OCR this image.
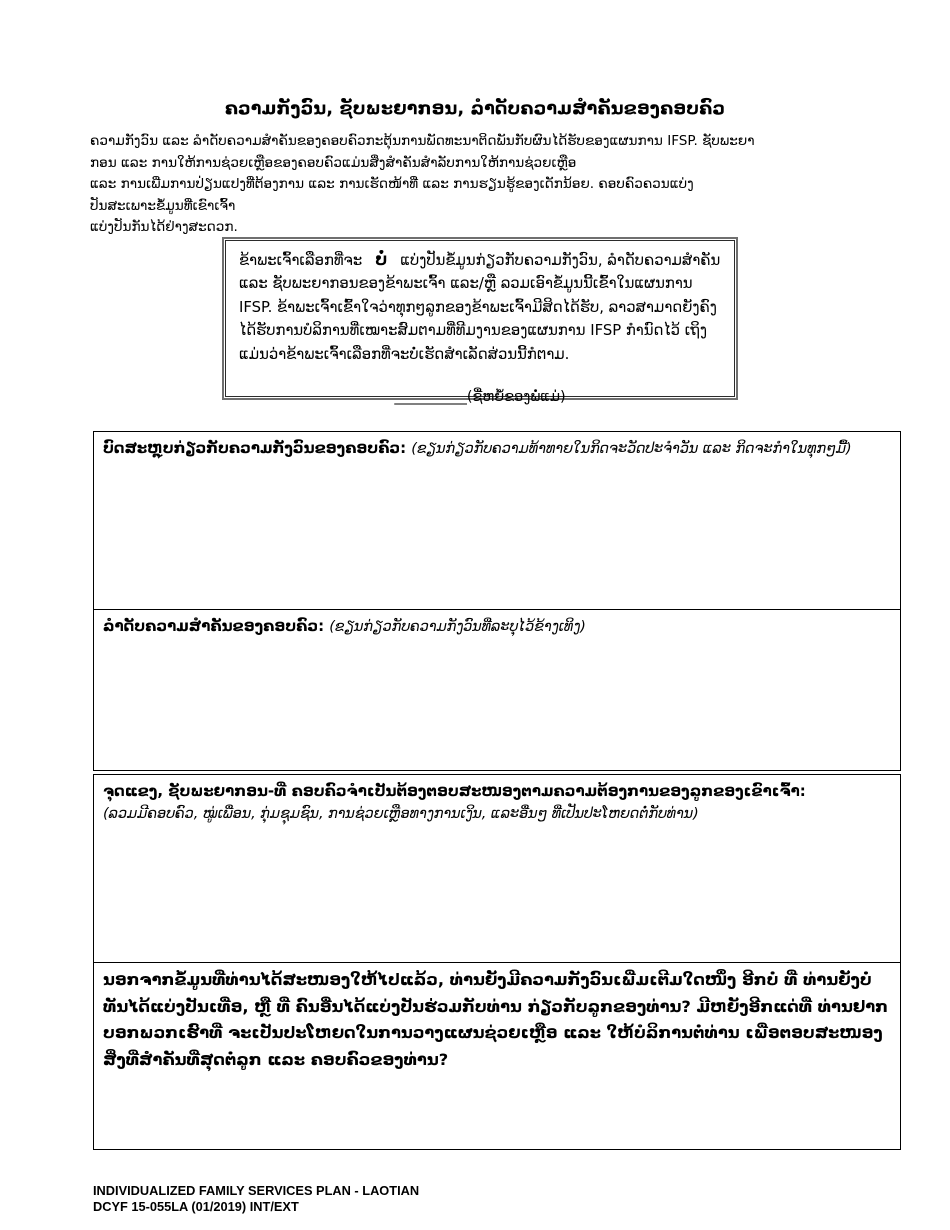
ຄວາມກັງວົນ, ຊັບພະຍາກອນ, ລຳດັບຄວາມສຳຄັນຂອງຄອບຄົວ
ຄວາມກັງວົນ ແລະ ລຳດັບຄວາມສຳຄັນຂອງຄອບຄົວກະຕຸ້ນການພັດທະນາຕິດພັນກັບຜົນໄດ້ຮັບຂອງແຜນການ IFSP. ຊັບພະຍາ
ກອນ ແລະ ການໃຫ້ການຊ່ວຍເຫຼືອຂອງຄອບຄົວແມ່ນສິ່ງສຳຄັນສຳລັບການໃຫ້ການຊ່ວຍເຫຼືອ
ແລະ ການເພີ່ມການປ່ຽນແປງທີ່ຕ້ອງການ ແລະ ການເຮັດໜ້າທີ່ ແລະ ການຮຽນຮູ້ຂອງເດັກນ້ອຍ. ຄອບຄົວຄວນແບ່ງ
ປັນສະເພາະຂໍ້ມູນທີ່ເຂົາເຈົ້າ
ແບ່ງປັນກັນໄດ້ຢ່າງສະດວກ.

ຂ້າພະເຈົ້າເລືອກທີ່ຈະ ບໍ່ ແບ່ງປັນຂໍ້ມູນກ່ຽວກັບຄວາມກັງວົນ, ລຳດັບຄວາມສຳຄັນ ແລະ ຊັບພະຍາກອນຂອງຂ້າພະເຈົ້າ ແລະ/ຫຼື ລວມເອົາຂໍ້ມູນນີ້ເຂົ້າໃນແຜນການ IFSP. ຂ້າພະເຈົ້າເຂົ້າໃຈວ່າທຸກໆລູກຂອງຂ້າພະເຈົ້າມີສິດໄດ້ຮັບ, ລາວສາມາດຍັງຄົງໄດ້ຮັບການບໍລິການທີ່ເໝາະສົມຕາມທີ່ທີມງານຂອງແຜນການ IFSP ກຳນົດໄວ້ ເຖິງແມ່ນວ່າຂ້າພະເຈົ້າເລືອກທີ່ຈະບໍ່ເຮັດສຳເລັດສ່ວນນີ້ກໍຕາມ.

__________(ຊື່ຫຍໍ້ຂອງພໍ່ແມ່)
ບົດສະຫຼຸບກ່ຽວກັບຄວາມກັງວົນຂອງຄອບຄົວ: (ຂຽນກ່ຽວກັບຄວາມທ້າທາຍໃນກິດຈະວັດປະຈຳວັນ ແລະ ກິດຈະກຳໃນທຸກໆມື້)
ລຳດັບຄວາມສຳຄັນຂອງຄອບຄົວ: (ຂຽນກ່ຽວກັບຄວາມກັງວົນທີ່ລະບຸໄວ້ຂ້າງເທິງ)
ຈຸດແຂງ, ຊັບພະຍາກອນ-ທີ່ ຄອບຄົວຈຳເປັນຕ້ອງຕອບສະໜອງຕາມຄວາມຕ້ອງການຂອງລູກຂອງເຂົາເຈົ້າ:
(ລວມມີຄອບຄົວ, ໝູ່ເພື່ອນ, ກຸ່ມຊຸມຊົນ, ການຊ່ວຍເຫຼືອທາງການເງິນ, ແລະອື່ນໆ ທີ່ເປັນປະໂຫຍດຕໍ່ກັບທ່ານ)

ນອກຈາກຂໍ້ມູນທີ່ທ່ານໄດ້ສະໜອງໃຫ້ໄປແລ້ວ, ທ່ານຍັງມີຄວາມກັງວົນເພີ່ມເຕີມໃດໜຶ່ງ ອີກບໍ່ ທີ່ ທ່ານຍັງບໍ່ທັນໄດ້ແບ່ງປັນເທື່ອ, ຫຼື ທີ່ ຄົນອື່ນໄດ້ແບ່ງປັນຮ່ວມກັບທ່ານ ກ່ຽວກັບລູກຂອງທ່ານ? ມີຫຍັງອີກແດ່ທີ່ ທ່ານຢາກບອກພວກເຮົາທີ່ ຈະເປັນປະໂຫຍດໃນການວາງແຜນຊ່ວຍເຫຼືອ ແລະ ໃຫ້ບໍລິການຕໍ່ທ່ານ ເພື່ອຕອບສະໜອງສິ່ງທີ່ສຳຄັນທີ່ສຸດຕໍ່ລູກ ແລະ ຄອບຄົວຂອງທ່ານ?

INDIVIDUALIZED FAMILY SERVICES PLAN - LAOTIAN
DCYF 15-055LA (01/2019) INT/EXT
